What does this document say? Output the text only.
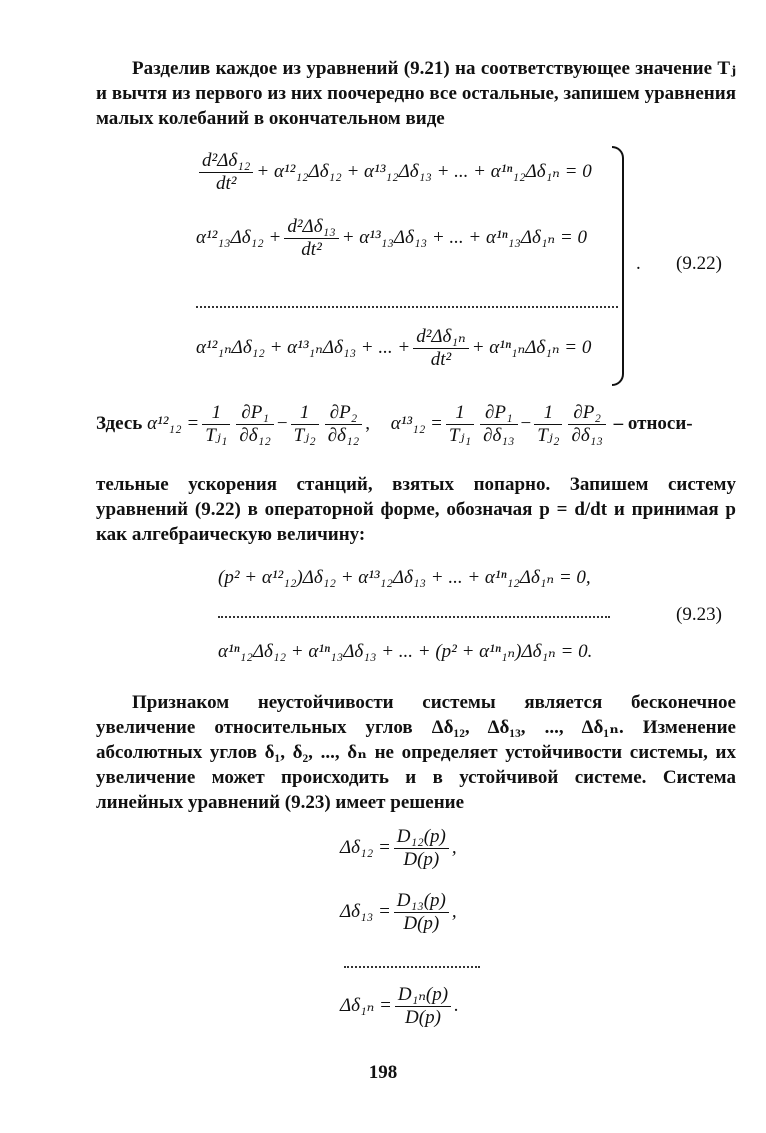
Разделив каждое из уравнений (9.21) на соответствующее значение Tⱼ и вычтя из первого из них поочередно все остальные, запишем уравнения малых колебаний в окончательном виде
$\frac{\text{d²Δδ₁₂}}{\text{dt²}} + \alpha^{12}_{12}\Delta\delta_{12} + \alpha^{13}_{12}\Delta\delta_{13}$ + ... + α¹ⁿ₁₂Δδ₁ₙ = 0
$\alpha^{12}_{13}\Delta\delta_{12} + \frac{\text{d²Δδ₁₃}}{\text{dt²}} + \alpha^{13}_{13}\Delta\delta_{13}$ + ... + α¹ⁿ₁₃Δδ₁ₙ = 0
α¹²₁ₙΔδ₁₂ + α¹³₁ₙΔδ₁₃ + ... + $\frac{\text{d²Δδ₁ₙ}}{\text{dt²}} + \alpha^{1n}_{1n}\Delta\delta_{1n} = 0$
. (9.22)
Здесь $\alpha^{12}_{12} = \frac{1}{\text{Tⱼ₁}} \frac{\text{∂P₁}}{\text{∂δ₁₂}} - \frac{1}{\text{Tⱼ₂}} \frac{\text{∂P₂}}{\text{∂δ₁₂}}$ , $\alpha^{13}_{12} = \frac{1}{\text{Tⱼ₁}} \frac{\text{∂P₁}}{\text{∂δ₁₃}} - \frac{1}{\text{Tⱼ₂}} \frac{\text{∂P₂}}{\text{∂δ₁₃}}$ – относи-
тельные ускорения станций, взятых попарно. Запишем систему уравнений (9.22) в операторной форме, обозначая p = d/dt и принимая p как алгебраическую величину:
(p² + α¹²₁₂)Δδ₁₂ + α¹³₁₂Δδ₁₃ + ... + α¹ⁿ₁₂Δδ₁ₙ = 0,
α¹ⁿ₁₂Δδ₁₂ + α¹ⁿ₁₃Δδ₁₃ + ... + (p² + α¹ⁿ₁ₙ)Δδ₁ₙ = 0.
(9.23)
Признаком неустойчивости системы является бесконечное увеличение относительных углов Δδ₁₂, Δδ₁₃, ..., Δδ₁ₙ. Изменение абсолютных углов δ₁, δ₂, ..., δₙ не определяет устойчивости системы, их увеличение может происходить и в устойчивой системе. Система линейных уравнений (9.23) имеет решение
$\Delta\delta_{12} = \frac{\text{D₁₂(p)}}{D(p)}$ ,
$\Delta\delta_{13} = \frac{\text{D₁₃(p)}}{D(p)}$ ,
$\Delta\delta_{1n} = \frac{\text{D₁ₙ(p)}}{D(p)}$ .
198
